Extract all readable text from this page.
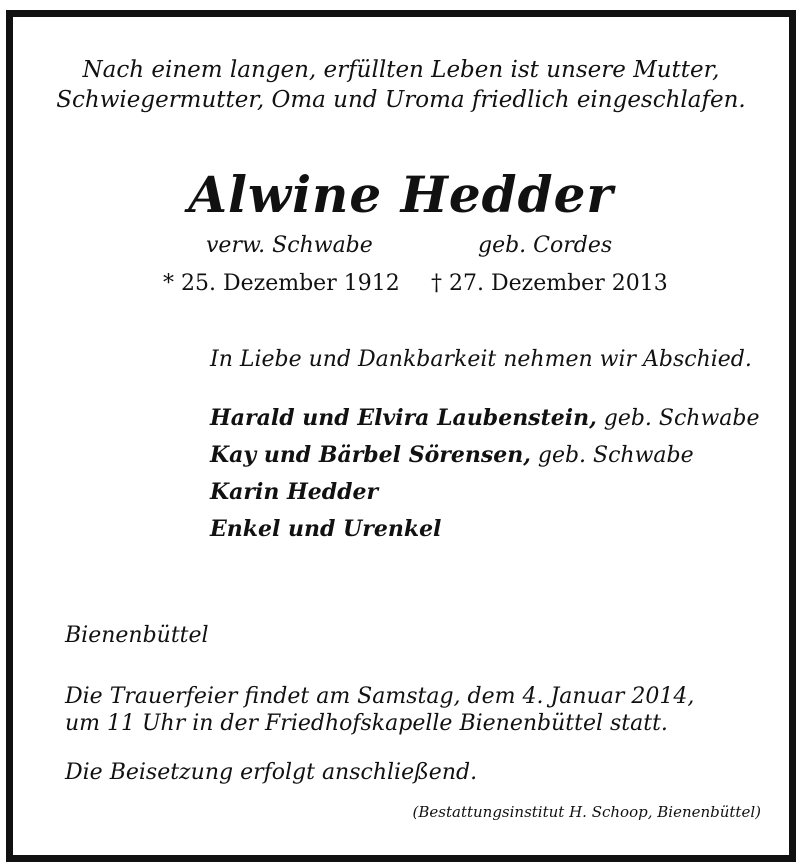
Nach einem langen, erfüllten Leben ist unsere Mutter,
Schwiegermutter, Oma und Uroma friedlich eingeschlafen.
Alwine Hedder
verw. Schwabe	geb. Cordes
* 25. Dezember 1912 † 27. Dezember 2013
In Liebe und Dankbarkeit nehmen wir Abschied.
Harald und Elvira Laubenstein, geb. Schwabe
Kay und Bärbel Sörensen, geb. Schwabe
Karin Hedder
Enkel und Urenkel
Bienenbüttel
Die Trauerfeier findet am Samstag, dem 4. Januar 2014,
um 11 Uhr in der Friedhofskapelle Bienenbüttel statt.
Die Beisetzung erfolgt anschließend.
(Bestattungsinstitut H. Schoop, Bienenbüttel)
